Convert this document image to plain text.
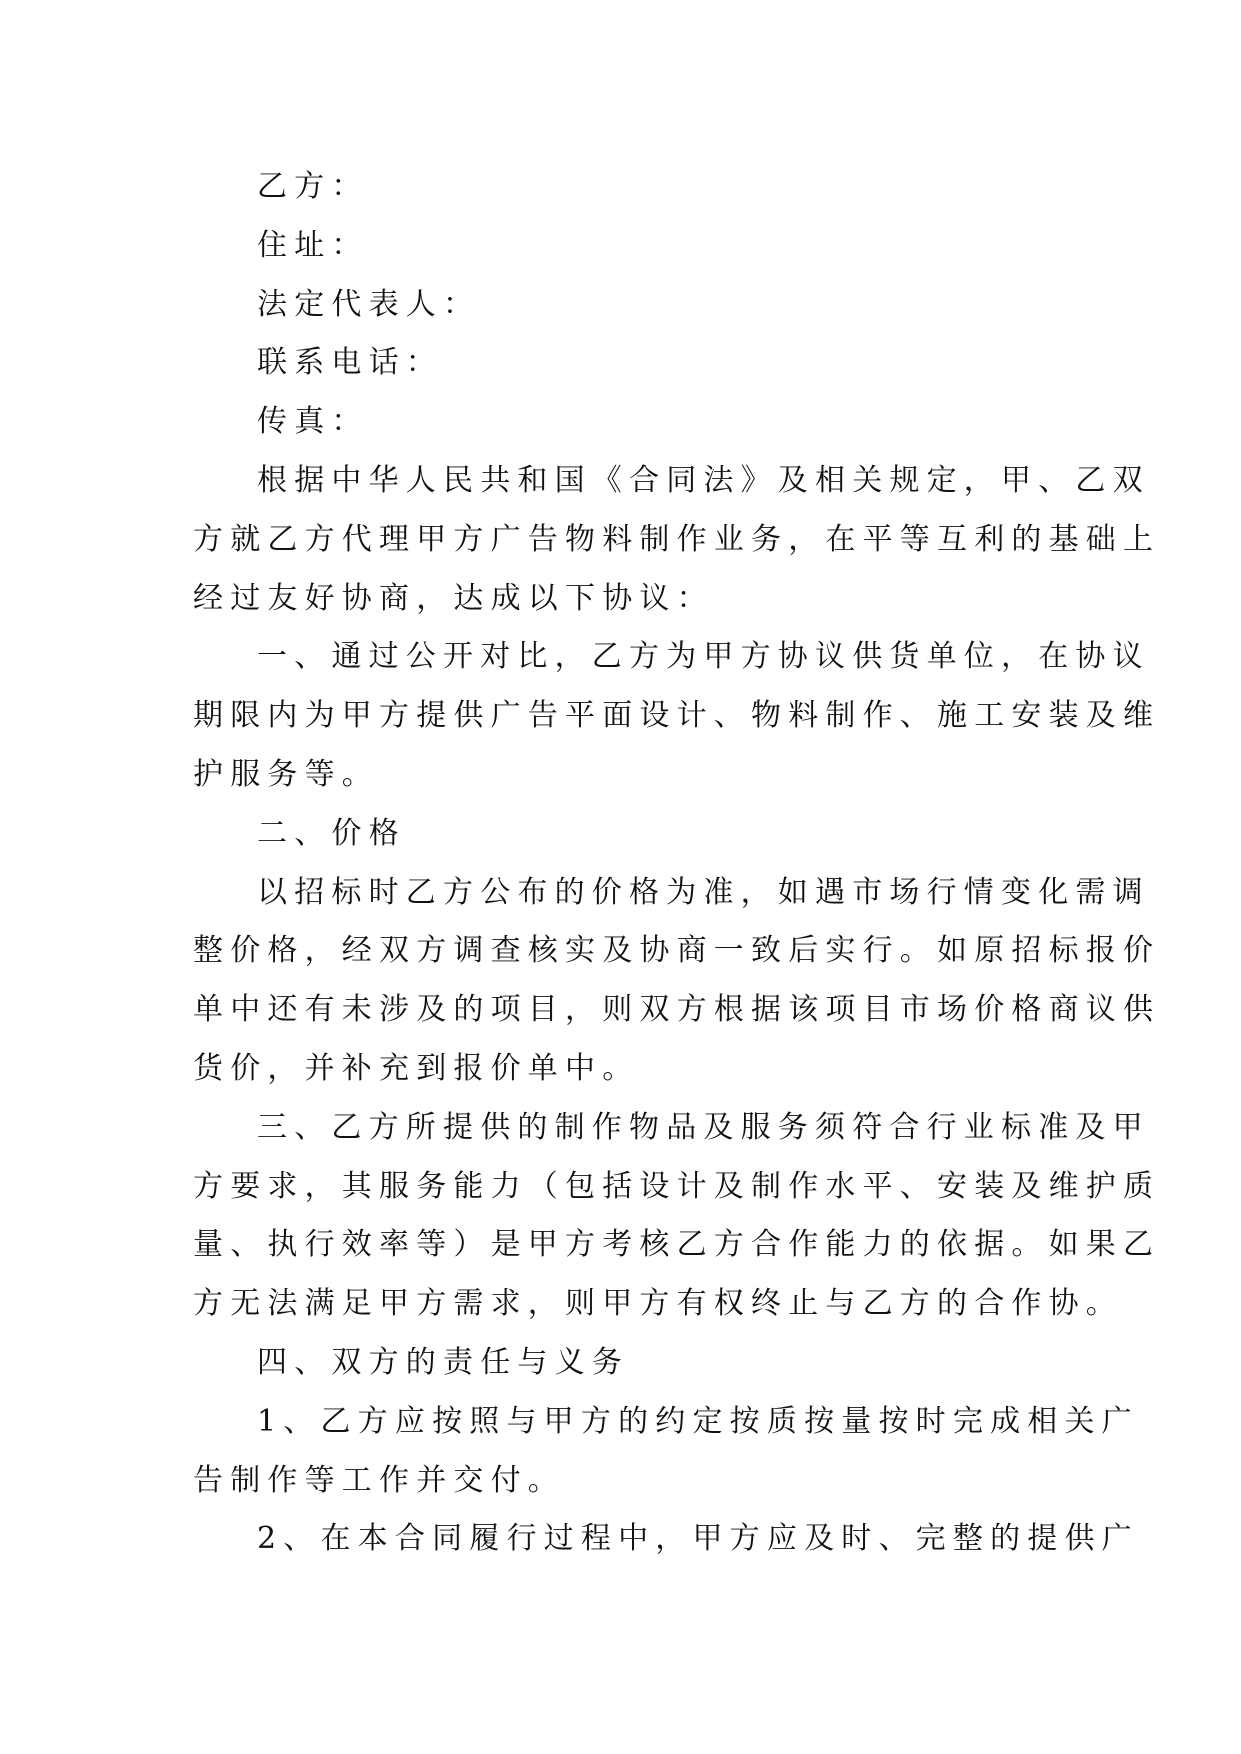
乙方：
住址：
法定代表人：
联系电话：
传真：
根据中华人民共和国《合同法》及相关规定，甲、乙双
方就乙方代理甲方广告物料制作业务，在平等互利的基础上
经过友好协商，达成以下协议：
一、通过公开对比，乙方为甲方协议供货单位，在协议
期限内为甲方提供广告平面设计、物料制作、施工安装及维
护服务等。
二、价格
以招标时乙方公布的价格为准，如遇市场行情变化需调
整价格，经双方调查核实及协商一致后实行。如原招标报价
单中还有未涉及的项目，则双方根据该项目市场价格商议供
货价，并补充到报价单中。
三、乙方所提供的制作物品及服务须符合行业标准及甲
方要求，其服务能力（包括设计及制作水平、安装及维护质
量、执行效率等）是甲方考核乙方合作能力的依据。如果乙
方无法满足甲方需求，则甲方有权终止与乙方的合作协。
四、双方的责任与义务
1、乙方应按照与甲方的约定按质按量按时完成相关广
告制作等工作并交付。
2、在本合同履行过程中，甲方应及时、完整的提供广
